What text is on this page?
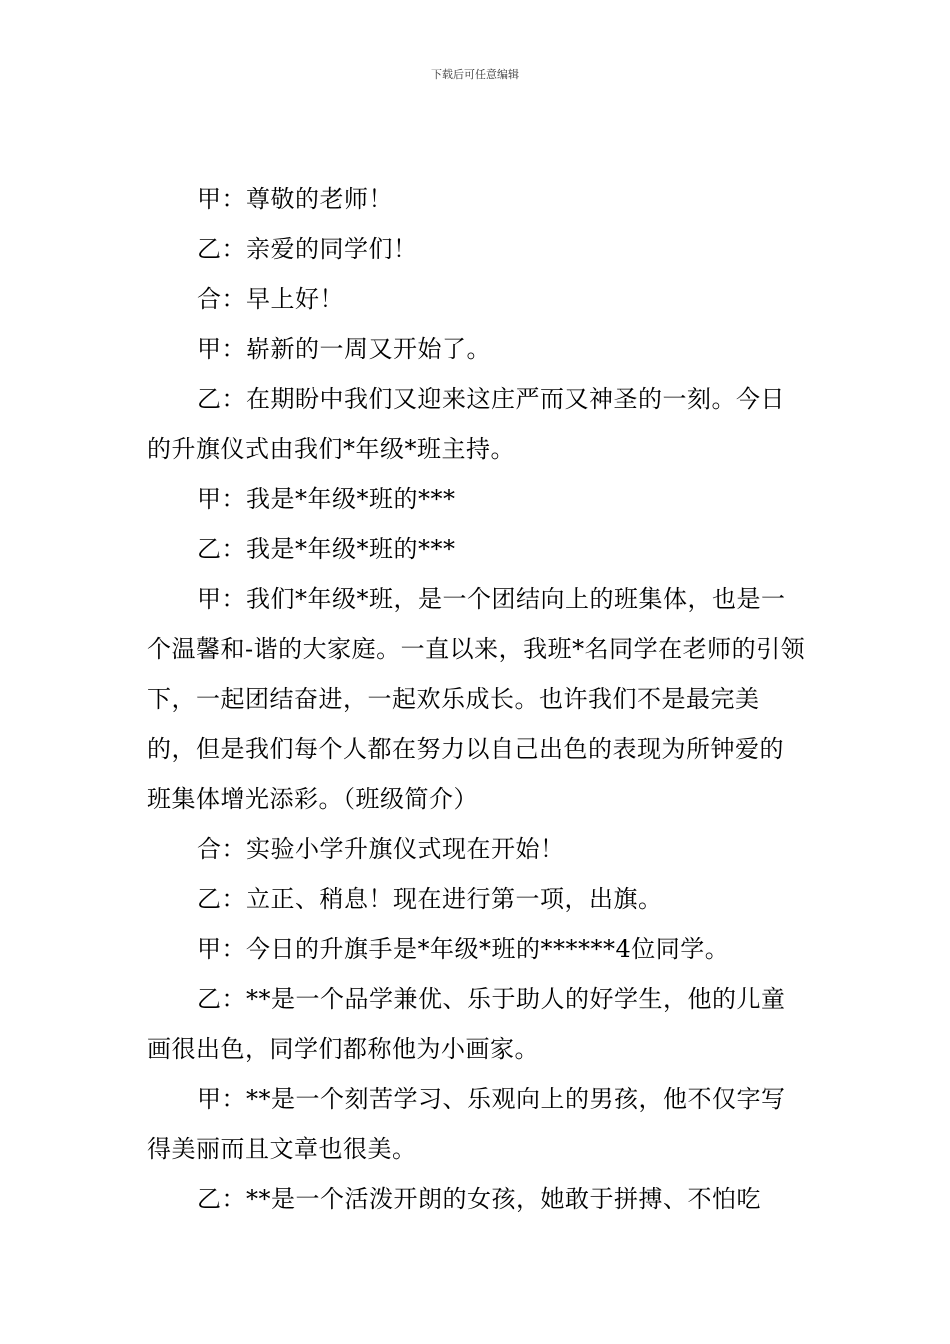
下载后可任意编辑

甲：尊敬的老师！

乙：亲爱的同学们！

合：早上好！

甲：崭新的一周又开始了。

乙：在期盼中我们又迎来这庄严而又神圣的一刻。今日的升旗仪式由我们*年级*班主持。

甲：我是*年级*班的***

乙：我是*年级*班的***

甲：我们*年级*班，是一个团结向上的班集体，也是一个温馨和-谐的大家庭。一直以来，我班*名同学在老师的引领下，一起团结奋进，一起欢乐成长。也许我们不是最完美的，但是我们每个人都在努力以自己出色的表现为所钟爱的班集体增光添彩。（班级简介）

合：实验小学升旗仪式现在开始！

乙：立正、稍息！现在进行第一项，出旗。

甲：今日的升旗手是*年级*班的******4位同学。

乙：**是一个品学兼优、乐于助人的好学生，他的儿童画很出色，同学们都称他为小画家。

甲：**是一个刻苦学习、乐观向上的男孩，他不仅字写得美丽而且文章也很美。

乙：**是一个活泼开朗的女孩，她敢于拼搏、不怕吃
